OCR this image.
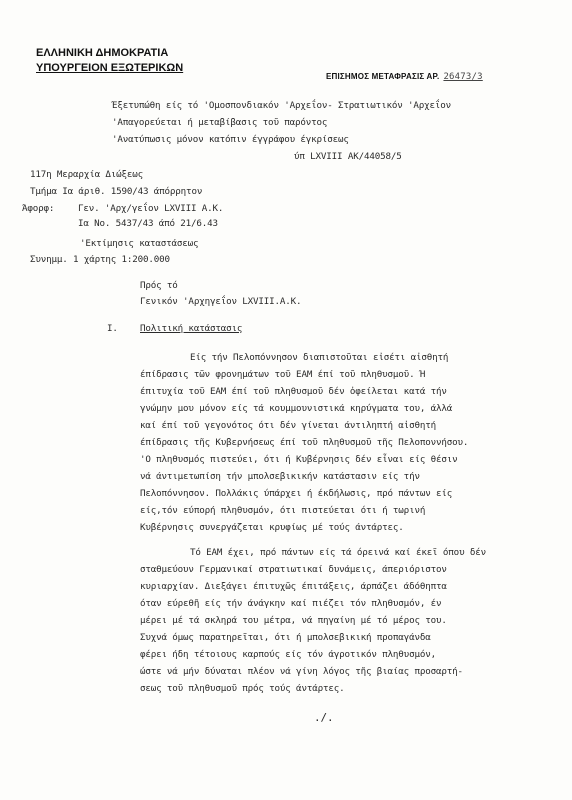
ΕΛΛΗΝΙΚΗ ΔΗΜΟΚΡΑΤΙΑ
ΥΠΟΥΡΓΕΙΟΝ ΕΞΩΤΕΡΙΚΩΝ
ΕΠΙΣΗΜΟΣ ΜΕΤΑΦΡΑΣΙΣ ΑΡ. 26473/3
Έξετυπώθη είς τό 'Ομοσπονδιακόν 'Αρχεΐον- Στρατιωτικόν 'Αρχεΐον
'Απαγορεύεται ή μεταβίβασις τοῦ παρόντος
'Ανατύπωσις μόνον κατόπιν έγγράφου έγκρίσεως
ύπ LXVIII AK/44058/5
117η Μεραρχία Διώξεως
Τμήμα Ια άριθ. 1590/43 άπόρρητον
Άφορφ:	Γεν. 'Αρχ/γεΐον LXVIII Α.Κ.
Ια Νο. 5437/43 άπό 21/6.43
'Εκτίμησις καταστάσεως
Συνημμ. 1 χάρτης 1:200.000
Πρός τό
Γενικόν 'Αρχηγεΐον LXVIII.Α.Κ.
Ι. Πολιτική κατάστασις
Είς τήν Πελοπόννησον διαπιστοῦται εἰσέτι αἰσθητή
έπίδρασις τῶν φρονημάτων τοῦ ΕΑΜ έπί τοῦ πληθυσμοῦ. Ή
έπιτυχία τοῦ ΕΑΜ έπί τοῦ πληθυσμοῦ δέν ὀφείλεται κατά τήν
γνώμην μου μόνον είς τά κουμμουνιστικά κηρύγματα του, άλλά
καί έπί τοῦ γεγονότος ότι δέν γίνεται άντιληπτή αἰσθητή
έπίδρασις τῆς Κυβερνήσεως έπί τοῦ πληθυσμοῦ τῆς Πελοποννήσου.
'Ο πληθυσμός πιστεύει, ότι ή Κυβέρνησις δέν εἶναι είς θέσιν
νά άντιμετωπίση τήν μπολσεβικικήν κατάστασιν είς τήν
Πελοπόννησον. Πολλάκις ύπάρχει ή έκδήλωσις, πρό πάντων είς
είς,τόν εύπορή πληθυσμόν, ότι πιστεύεται ότι ή τωρινή
Κυβέρνησις συνεργάζεται κρυφίως μέ τούς άντάρτες.
Τό ΕΑΜ έχει, πρό πάντων είς τά όρεινά καί έκεῖ όπου δέν
σταθμεύουν Γερμανικαί στρατιωτικαί δυνάμεις, άπεριόριστον
κυριαρχίαν. Διεξάγει έπιτυχῶς έπιτάξεις, άρπάζει άδόθηπτα
όταν εύρεθῆ είς τήν άνάγκην καί πιέζει τόν πληθυσμόν, έν
μέρει μέ τά σκληρά του μέτρα, νά πηγαίνη μέ τό μέρος του.
Συχνά όμως παρατηρεῖται, ότι ή μπολσεβικική προπαγάνδα
φέρει ήδη τέτοιους καρπούς είς τόν άγροτικόν πληθυσμόν,
ώστε νά μήν δύναται πλέον νά γίνη λόγος τῆς βιαίας προσαρτή-
σεως τοῦ πληθυσμοῦ πρός τούς άντάρτες.
./.
